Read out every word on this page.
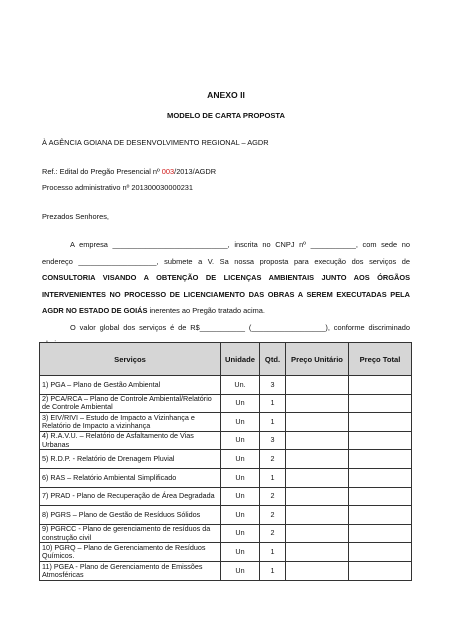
ANEXO II
MODELO DE CARTA PROPOSTA
À AGÊNCIA GOIANA DE DESENVOLVIMENTO REGIONAL – AGDR
Ref.: Edital do Pregão Presencial nº 003/2013/AGDR
Processo administrativo nº 201300030000231
Prezados Senhores,

A empresa ____________________________, inscrita no CNPJ nº ___________, com sede no endereço ___________________, submete a V. Sa nossa proposta para execução dos serviços de CONSULTORIA VISANDO A OBTENÇÃO DE LICENÇAS AMBIENTAIS JUNTO AOS ÓRGÃOS INTERVENIENTES NO PROCESSO DE LICENCIAMENTO DAS OBRAS A SEREM EXECUTADAS PELA AGDR NO ESTADO DE GOIÁS inerentes ao Pregão tratado acima.

O valor global dos serviços é de R$___________ (__________________), conforme discriminado

Serviços	Unidade	Qtd.	Preço Unitário	Preço Total
1) PGA – Plano de Gestão Ambiental	Un.	3		
2) PCA/RCA – Plano de Controle Ambiental/Relatório de Controle Ambiental	Un	1		
3) EIV/RIVI – Estudo de Impacto a Vizinhança e Relatório de Impacto a vizinhança	Un	1		
4) R.A.V.U. – Relatório de Asfaltamento de Vias Urbanas	Un	3		
5) R.D.P. - Relatório de Drenagem Pluvial	Un	2		
6) RAS – Relatório Ambiental Simplificado	Un	1		
7) PRAD - Plano de Recuperação de Área Degradada	Un	2		
8) PGRS – Plano de Gestão de Resíduos Sólidos	Un	2		
9) PGRCC - Plano de gerenciamento de resíduos da construção civil	Un	2		
10) PGRQ – Plano de Gerenciamento de Resíduos Químicos.	Un	1		
11) PGEA - Plano de Gerenciamento de Emissões Atmosféricas	Un	1		
